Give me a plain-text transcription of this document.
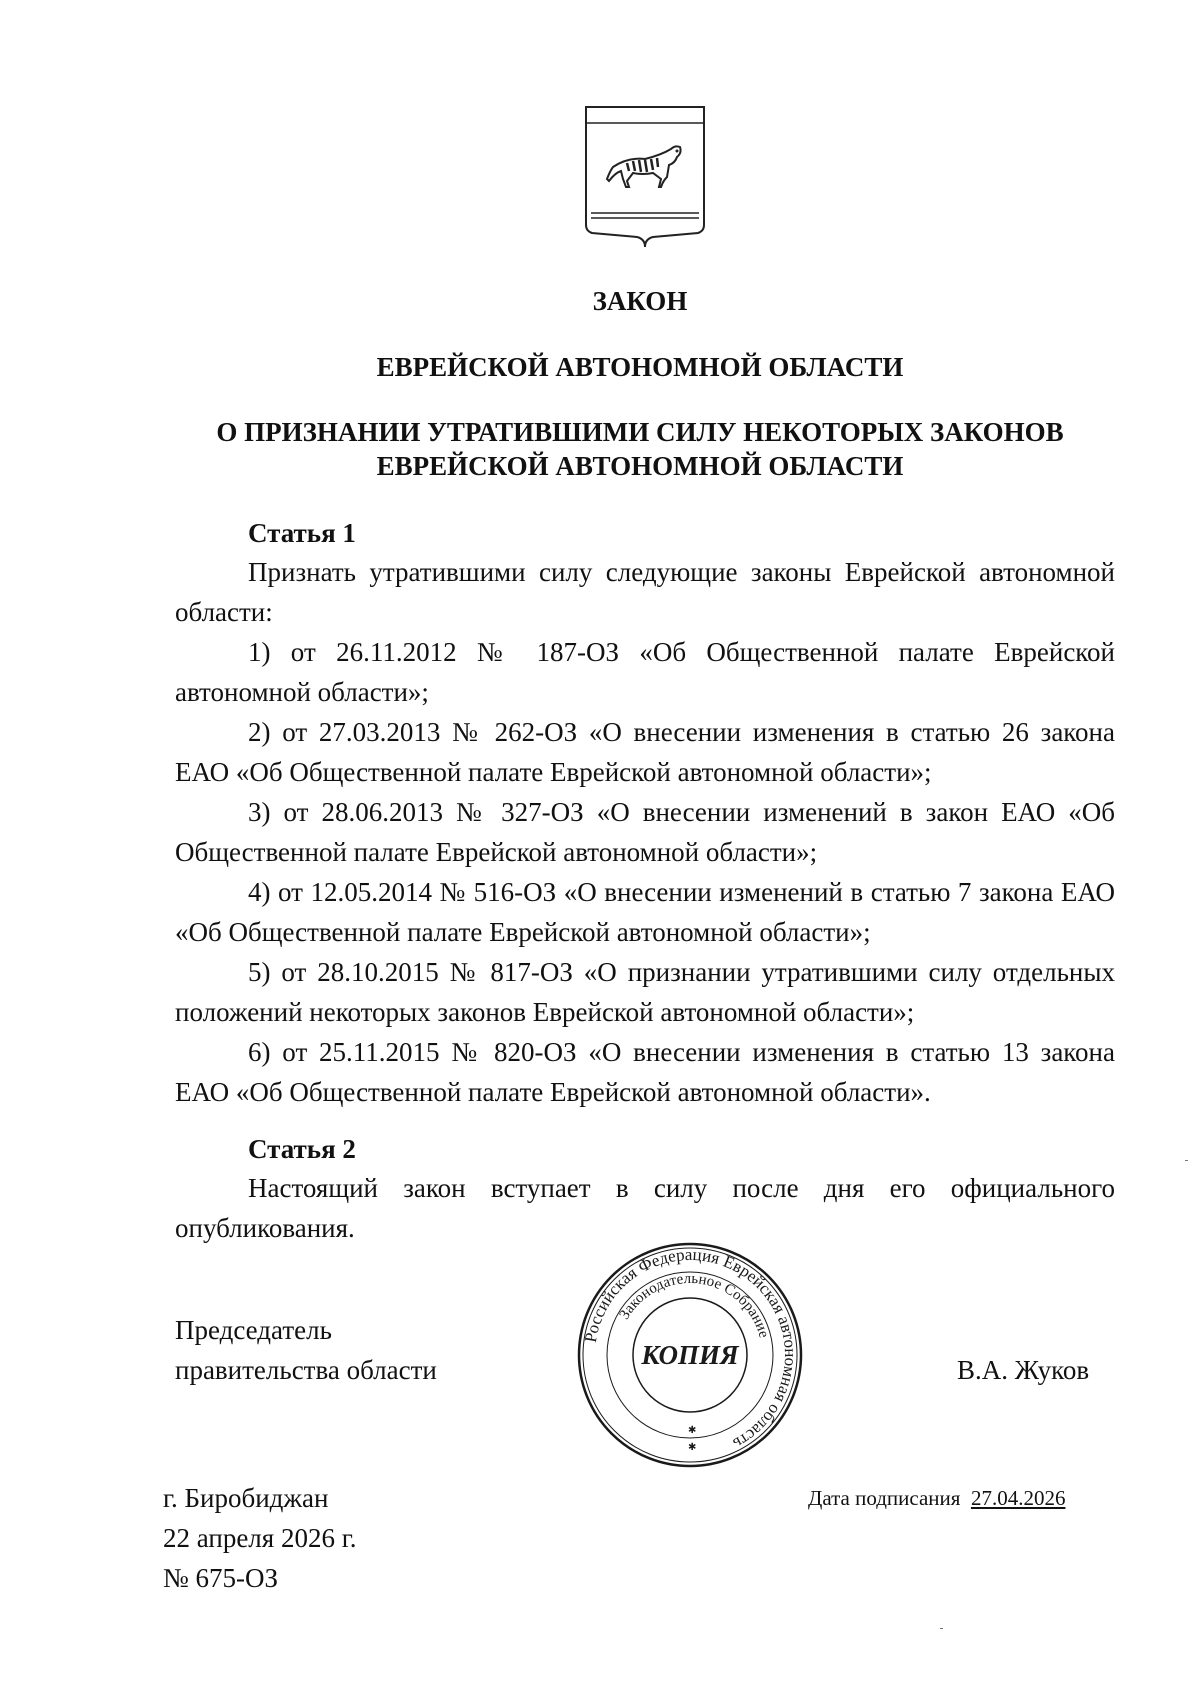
ЗАКОН
ЕВРЕЙСКОЙ АВТОНОМНОЙ ОБЛАСТИ
О ПРИЗНАНИИ УТРАТИВШИМИ СИЛУ НЕКОТОРЫХ ЗАКОНОВ
ЕВРЕЙСКОЙ АВТОНОМНОЙ ОБЛАСТИ
Статья 1

Признать утратившими силу следующие законы Еврейской автономной области:

1) от 26.11.2012 № 187-ОЗ «Об Общественной палате Еврейской автономной области»;

2) от 27.03.2013 № 262-ОЗ «О внесении изменения в статью 26 закона ЕАО «Об Общественной палате Еврейской автономной области»;

3) от 28.06.2013 № 327-ОЗ «О внесении изменений в закон ЕАО «Об Общественной палате Еврейской автономной области»;

4) от 12.05.2014 № 516-ОЗ «О внесении изменений в статью 7 закона ЕАО «Об Общественной палате Еврейской автономной области»;

5) от 28.10.2015 № 817-ОЗ «О признании утратившими силу отдельных положений некоторых законов Еврейской автономной области»;

6) от 25.11.2015 № 820-ОЗ «О внесении изменения в статью 13 закона ЕАО «Об Общественной палате Еврейской автономной области».

Статья 2

Настоящий закон вступает в силу после дня его официального опубликования.

Председатель
правительства области
Российская Федерация Еврейская автономная область
Законодательное Собрание
КОПИЯ
✱
✱
В.А. Жуков
г. Биробиджан
22 апреля 2026 г.
№ 675-ОЗ
Дата подписания 27.04.2026
